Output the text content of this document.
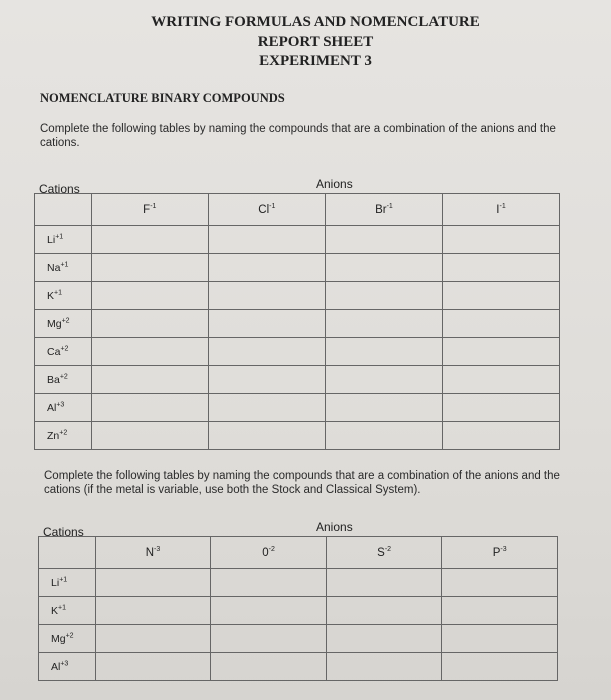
WRITING FORMULAS AND NOMENCLATURE
REPORT SHEET
EXPERIMENT 3
NOMENCLATURE BINARY COMPOUNDS
Complete the following tables by naming the compounds that are a combination of the anions and the cations.
Anions
Cations	$F^{-1}$	$Cl^{-1}$	$Br^{-1}$	$I^{-1}$
$Li^{+1}$				
$Na^{+1}$				
$K^{+1}$				
$Mg^{+2}$				
$Ca^{+2}$				
$Ba^{+2}$				
$Al^{+3}$				
$Zn^{+2}$				
Complete the following tables by naming the compounds that are a combination of the anions and the cations (if the metal is variable, use both the Stock and Classical System).
Anions
Cations	$N^{-3}$	$0^{-2}$	$S^{-2}$	$P^{-3}$
$Li^{+1}$				
$K^{+1}$				
$Mg^{+2}$				
$Al^{+3}$				
